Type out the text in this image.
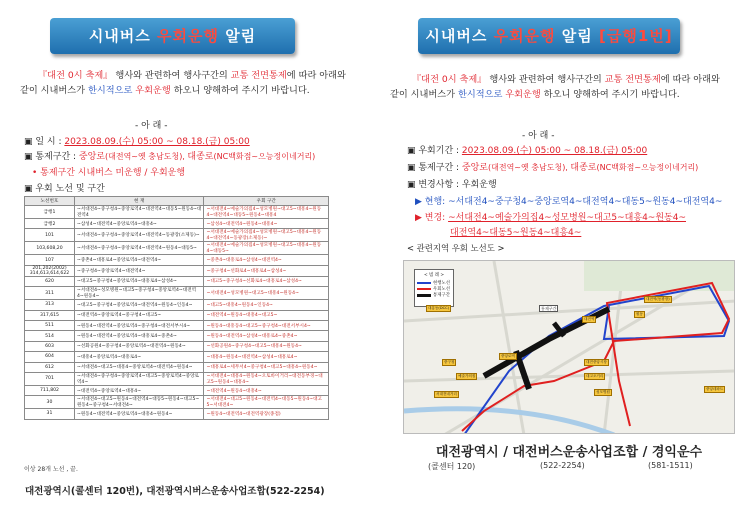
시내버스 우회운행 알림
『대전 0시 축제』 행사와 관련하여 행사구간의 교통 전면통제에 따라 아래와 같이 시내버스가 한시적으로 우회운행 하오니 양해하여 주시기 바랍니다.
- 아 래 -
▣ 일 시 : 2023.08.09.(수) 05:00 ~ 08.18.(금) 05:00
▣ 통제구간 : 중앙로(대전역~옛 충남도청), 대종로(NC백화점~으능정이네거리)
• 통제구간 시내버스 미운행 / 우회운행
▣ 우회 노선 및 구간
노선번호	현 재	우회 구간
급행1	~서대전4~중구청4~중앙로역4~대전역4~대동5~원동4~대전역4	~서대전4~예술가의집4~성모병원~대고5~대흥4~원동4~대전역4~대동5~원동4~대흥4
급행2	~삼성4~대전역4~중앙로역4~대흥4~	~삼성4~대전역4~원동4~대흥4~
101	~서대전4~중구청4~중앙로역4~대전역4~동광장(소제동)~	~서대전4~예술가의집4~성모병원~대고5~대흥4~원동4~대전역4~동광장(소제동)~
103,608,20	~서대전4~중구청4~중앙로역4~대전역4~원동4~대동5~	~서대전4~예술가의집4~성모병원~대고5~대흥4~원동4~대동5~
107	~중촌4~대흥로4~중앙로역4~대전역4~	~중촌4~대흥로4~삼성4~대전역4~
201,202(2002) 314,613,614,622	~중구청4~중앙로역4~대전역4~	~중구청4~선화로4~대흥로4~삼성4~
620	~대고5~중구청4~중앙로역4~대흥로4~삼성4~	~대고5~중구청4~선화로4~대흥로4~삼성4~
311	~서대전4~성모병원~대고5~중구청4~중앙로역4~대전역4~원동4~	~서대전4~성모병원~대고5~대흥4~원동4~
313	~대고5~중구청4~중앙로역4~대전역4~원동4~인동4~	~대고5~대흥4~원동4~인동4~
317,615	~대전역4~중앙로역4~중구청4~대고5~	~대전역4~원동4~대흥4~대고5~
511	~원동4~대전역4~중앙로역4~중구청4~대전서부시4~	~원동4~대흥동4~대고5~중구청4~대전서부시4~
514	~원동4~대전역4~중앙로역4~대흥로4~중촌4~	~원동4~대전역4~삼성4~대흥로4~중촌4~
603	~선화공원4~중구청4~중앙로역4~대전역4~원동4~	~선화공원4~중구청4~대고5~대흥4~원동4~
604	~대흥4~중앙로역4~대흥로4~	~대흥4~원동4~대전역4~삼성4~대흥로4~
612	~서대전4~대고5~대흥4~중앙로역4~대전역4~원동4~	~대흥로4~세무서4~중구청4~대고5~대흥4~원동4~
701	~서대전4~중구청4~중앙로역4~대고5~중앙로역4~중앙로역4~	~서대전4~대흥4~원동4~오토바이거리~대전동부경~대고5~원동4~대흥4~
711,802	~대전역4~중앙로역4~대흥4~	~대전역4~원동4~대흥4~
30	~서대전4~대고5~원동4~대전역4~대동5~원동4~대고5~원동4~중구청4~서대전4~	~서대전4~대고5~원동4~대전역4~대동5~원동4~대고5~서대전4~
31	~원동4~대전역4~중앙로역4~대흥4~원동4~	~원동4~대전역4~대전역광장(종점)
이상 28개 노선 , 끝.
대전광역시(콜센터 120번), 대전광역시버스운송사업조합(522-2254)
시내버스 우회운행 알림 [급행1번]
『대전 0시 축제』 행사와 관련하여 행사구간의 교통 전면통제에 따라 아래와 같이 시내버스가 한시적으로 우회운행 하오니 양해하여 주시기 바랍니다.
- 아 래 -
▣ 우회기간 : 2023.08.09.(수) 05:00 ~ 08.18.(금) 05:00
▣ 통제구간 : 중앙로(대전역~옛 충남도청), 대종로(NC백화점~으능정이네거리)
▣ 변경사항 : 우회운행
▶ 현행: ~서대전4~중구청4~중앙로역4~대전역4~대동5~원동4~대전역4~
▶ 변경: ~서대전4~예술가의집4~성모병원~대고5~대흥4~원동4~
대전역4~대동5~원동4~대흥4~
< 관련지역 우회 노선도 >
< 범 례 >
현행노선
우회노선
통제구간
통제구간
대흥동(DCC)
대전역
중앙로역
원동
대전중앙시장
대고오거리
성모병원
예술가의집
중구청
서대전네거리
대전역(동광장)
중앙데파트
대전광역시 / 대전버스운송사업조합 / 경익운수
(콜센터 120)	(522-2254)	(581-1511)
